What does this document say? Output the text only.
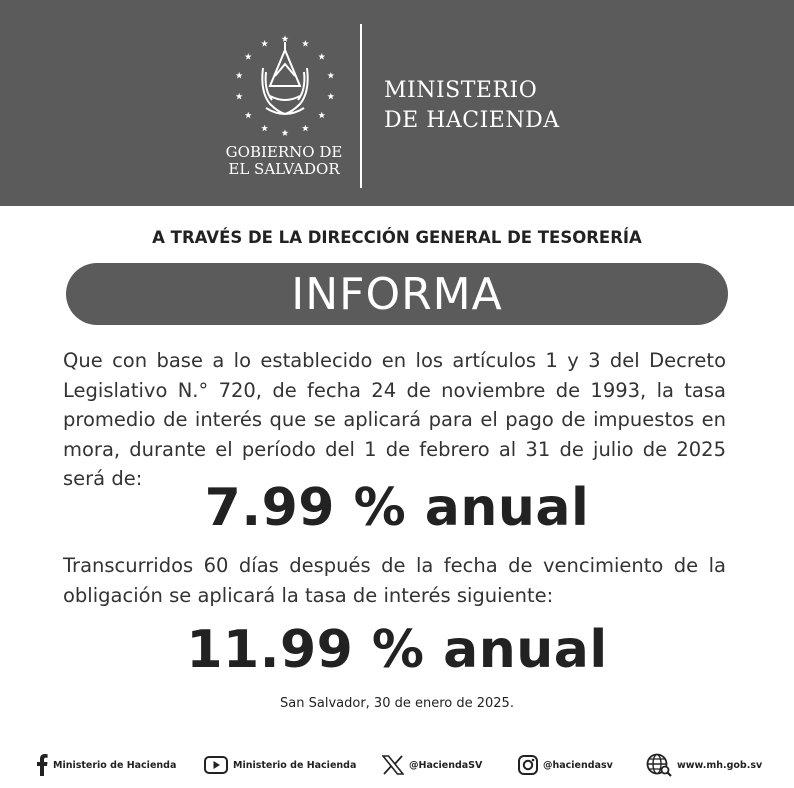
GOBIERNO DE
EL SALVADOR
MINISTERIO
DE HACIENDA
A TRAVÉS DE LA DIRECCIÓN GENERAL DE TESORERÍA
INFORMA
Que con base a lo establecido en los artículos 1 y 3 del Decreto Legislativo N.° 720, de fecha 24 de noviembre de 1993, la tasa promedio de interés que se aplicará para el pago de impuestos en mora, durante el período del 1 de febrero al 31 de julio de 2025 será de:	7.99 % anual
Transcurridos 60 días después de la fecha de vencimiento de la obligación se aplicará la tasa de interés siguiente:
11.99 % anual
San Salvador, 30 de enero de 2025.
Ministerio de Hacienda	Ministerio de Hacienda	@HaciendaSV	@haciendasv	www.mh.gob.sv
